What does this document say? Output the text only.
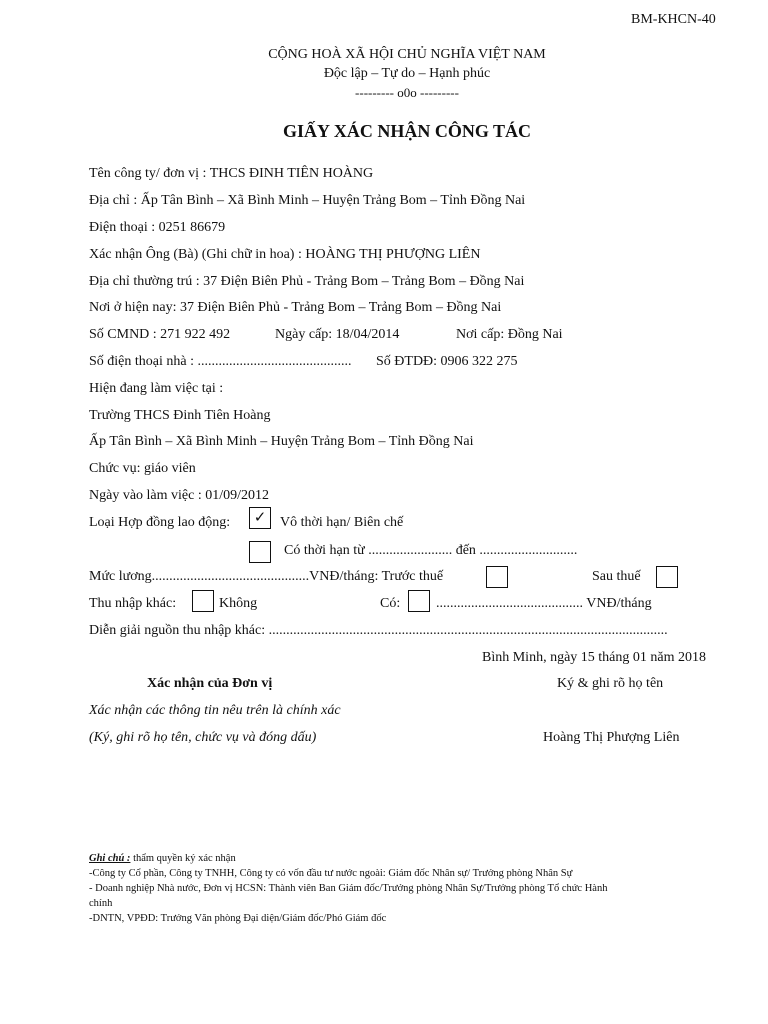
BM-KHCN-40
CỘNG HOÀ XÃ HỘI CHỦ NGHĨA VIỆT NAM
Độc lập – Tự do – Hạnh phúc
--------- o0o ---------
GIẤY XÁC NHẬN CÔNG TÁC
Tên công ty/ đơn vị : THCS ĐINH TIÊN HOÀNG
Địa chỉ : Ấp Tân Bình – Xã Bình Minh – Huyện Trảng Bom – Tỉnh Đồng Nai
Điện thoại : 0251 86679
Xác nhận Ông (Bà) (Ghi chữ in hoa) : HOÀNG THỊ PHƯỢNG LIÊN
Địa chỉ thường trú : 37 Điện Biên Phủ - Trảng Bom – Trảng Bom – Đồng Nai
Nơi ở hiện nay: 37 Điện Biên Phủ - Trảng Bom – Trảng Bom – Đồng Nai
Số CMND : 271 922 492	Ngày cấp: 18/04/2014	Nơi cấp: Đồng Nai
Số điện thoại nhà : ............................................ Số ĐTDĐ: 0906 322 275
Hiện đang làm việc tại :
Trường THCS Đinh Tiên Hoàng
Ấp Tân Bình – Xã Bình Minh – Huyện Trảng Bom – Tỉnh Đồng Nai
Chức vụ: giáo viên
Ngày vào làm việc : 01/09/2012
Loại Hợp đồng lao động:	✓ Vô thời hạn/ Biên chế
Có thời hạn từ ........................ đến ............................
Mức lương.............................................VNĐ/tháng: Trước thuế	Sau thuế
Thu nhập khác:	Không	Có:	.......................................... VNĐ/tháng
Diễn giải nguồn thu nhập khác: ..................................................................................................................
Bình Minh, ngày 15 tháng 01 năm 2018
Xác nhận của Đơn vị	Ký & ghi rõ họ tên
Xác nhận các thông tin nêu trên là chính xác
(Ký, ghi rõ họ tên, chức vụ và đóng dấu)	Hoàng Thị Phượng Liên
Ghi chú : thẩm quyền ký xác nhận
-Công ty Cổ phần, Công ty TNHH, Công ty có vốn đầu tư nước ngoài: Giám đốc Nhân sự/ Trưởng phòng Nhân Sự
- Doanh nghiệp Nhà nước, Đơn vị HCSN: Thành viên Ban Giám đốc/Trưởng phòng Nhân Sự/Trưởng phòng Tổ chức Hành
chính
-DNTN, VPĐD: Trưởng Văn phòng Đại diện/Giám đốc/Phó Giám đốc
